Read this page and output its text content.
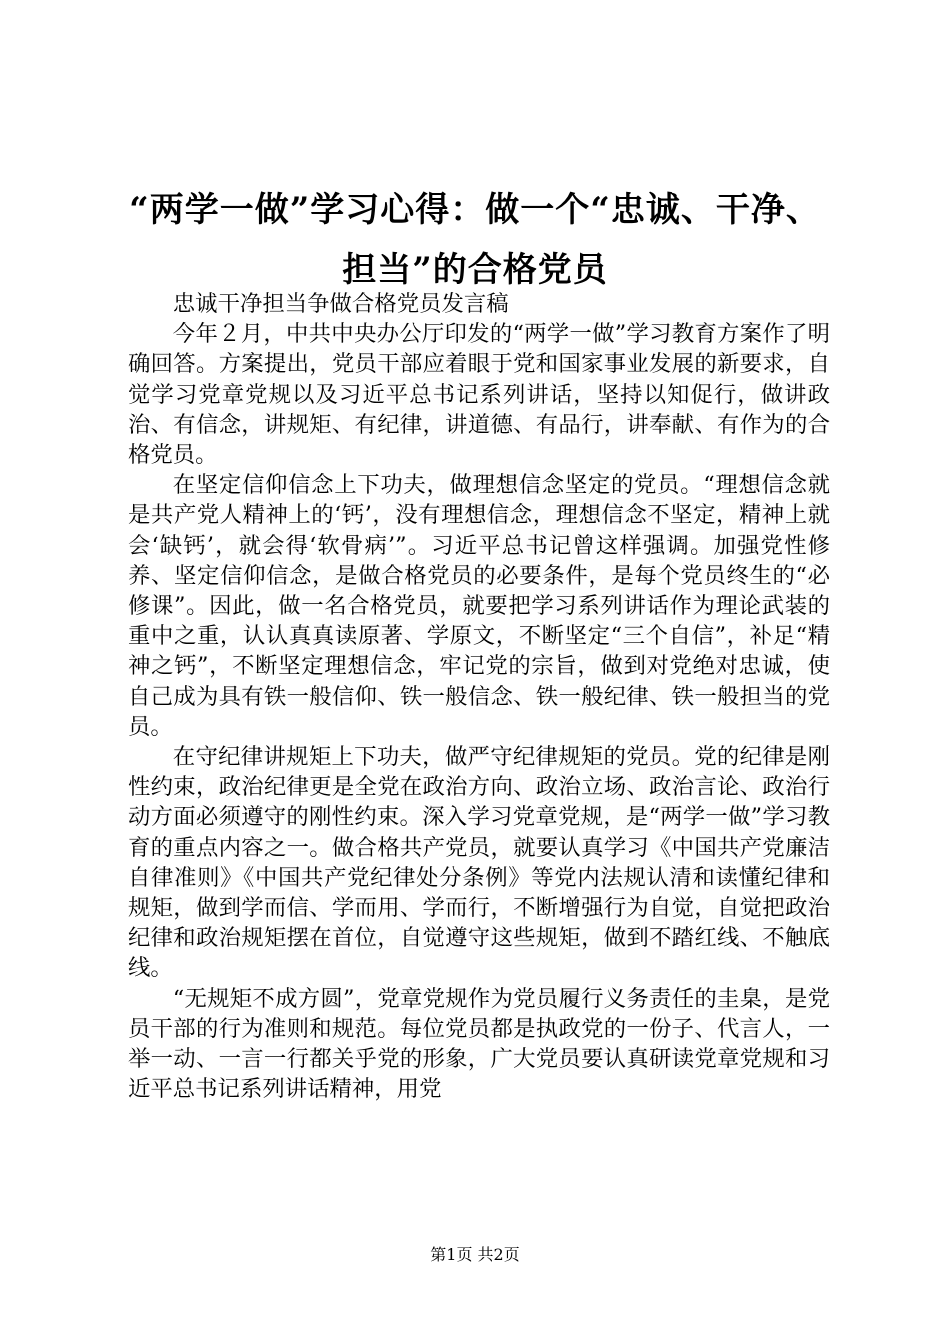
“两学一做”学习心得：做一个“忠诚、干净、
担当”的合格党员

忠诚干净担当争做合格党员发言稿

今年２月，中共中央办公厅印发的“两学一做”学习教育方案作了明确回答。方案提出，党员干部应着眼于党和国家事业发展的新要求，自觉学习党章党规以及习近平总书记系列讲话，坚持以知促行，做讲政治、有信念，讲规矩、有纪律，讲道德、有品行，讲奉献、有作为的合格党员。

在坚定信仰信念上下功夫，做理想信念坚定的党员。“理想信念就是共产党人精神上的‘钙’，没有理想信念，理想信念不坚定，精神上就会‘缺钙’，就会得‘软骨病’”。习近平总书记曾这样强调。加强党性修养、坚定信仰信念，是做合格党员的必要条件，是每个党员终生的“必修课”。因此，做一名合格党员，就要把学习系列讲话作为理论武装的重中之重，认认真真读原著、学原文，不断坚定“三个自信”，补足“精神之钙”，不断坚定理想信念，牢记党的宗旨，做到对党绝对忠诚，使自己成为具有铁一般信仰、铁一般信念、铁一般纪律、铁一般担当的党员。

在守纪律讲规矩上下功夫，做严守纪律规矩的党员。党的纪律是刚性约束，政治纪律更是全党在政治方向、政治立场、政治言论、政治行动方面必须遵守的刚性约束。深入学习党章党规，是“两学一做”学习教育的重点内容之一。做合格共产党员，就要认真学习《中国共产党廉洁自律准则》《中国共产党纪律处分条例》等党内法规认清和读懂纪律和规矩，做到学而信、学而用、学而行，不断增强行为自觉，自觉把政治纪律和政治规矩摆在首位，自觉遵守这些规矩，做到不踏红线、不触底线。

“无规矩不成方圆”，党章党规作为党员履行义务责任的圭臬，是党员干部的行为准则和规范。每位党员都是执政党的一份子、代言人，一举一动、一言一行都关乎党的形象，广大党员要认真研读党章党规和习近平总书记系列讲话精神，用党

第1页 共2页
